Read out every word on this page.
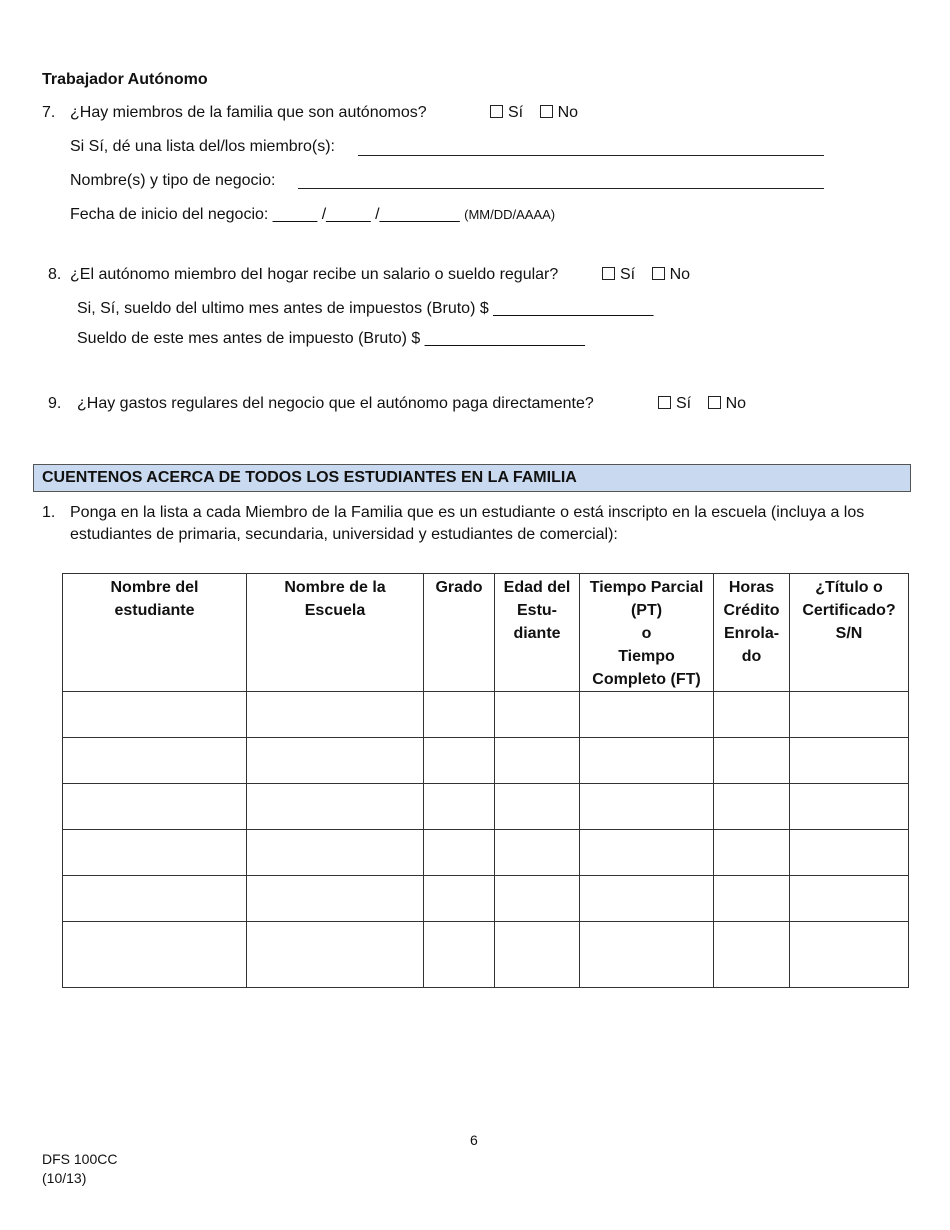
Trabajador Autónomo
7. ¿Hay miembros de la familia que son autónomos?	Sí No
Si Sí, dé una lista del/los miembro(s):
Nombre(s) y tipo de negocio:
Fecha de inicio del negocio: _____ /_____ /_________ (MM/DD/AAAA)
8. ¿El autónomo miembro deI hogar recibe un salario o sueldo regular?	Sí No
Si, Sí, sueldo del ultimo mes antes de impuestos (Bruto) $ __________________
Sueldo de este mes antes de impuesto (Bruto) $ __________________
9. ¿Hay gastos regulares del negocio que el autónomo paga directamente?	Sí No
CUENTENOS ACERCA DE TODOS LOS ESTUDIANTES EN LA FAMILIA
1. Ponga en la lista a cada Miembro de la Familia que es un estudiante o está inscripto en la escuela (incluya a los
estudiantes de primaria, secundaria, universidad y estudiantes de comercial):
Nombre del
estudiante	Nombre de la
Escuela	Grado	Edad del
Estu-
diante	Tiempo Parcial
(PT)
o
Tiempo
Completo (FT)	Horas
Crédito
Enrola-
do	¿Título o
Certificado?
S/N

6
DFS 100CC
(10/13)
